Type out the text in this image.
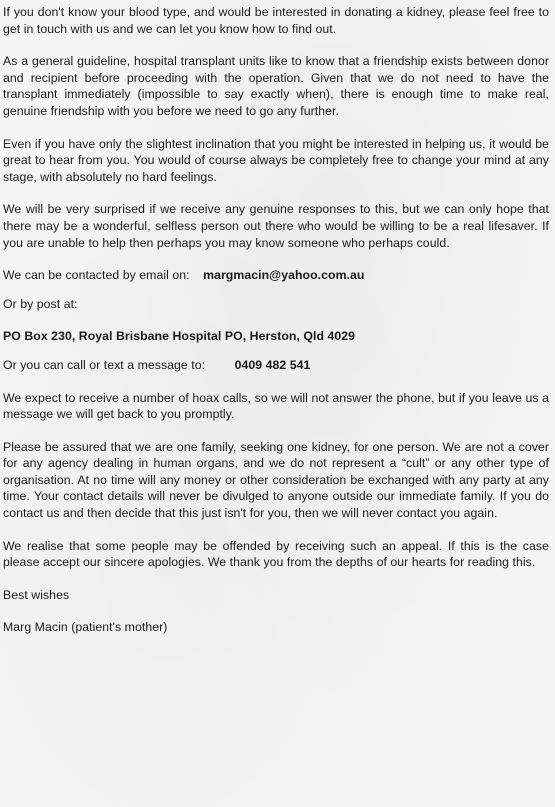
If you don't know your blood type, and would be interested in donating a kidney, please feel free to get in touch with us and we can let you know how to find out.

As a general guideline, hospital transplant units like to know that a friendship exists between donor and recipient before proceeding with the operation. Given that we do not need to have the transplant immediately (impossible to say exactly when), there is enough time to make real, genuine friendship with you before we need to go any further.

Even if you have only the slightest inclination that you might be interested in helping us, it would be great to hear from you. You would of course always be completely free to change your mind at any stage, with absolutely no hard feelings.

We will be very surprised if we receive any genuine responses to this, but we can only hope that there may be a wonderful, selfless person out there who would be willing to be a real lifesaver. If you are unable to help then perhaps you may know someone who perhaps could.

We can be contacted by email on: margmacin@yahoo.com.au

Or by post at:

PO Box 230, Royal Brisbane Hospital PO, Herston, Qld 4029

Or you can call or text a message to: 0409 482 541

We expect to receive a number of hoax calls, so we will not answer the phone, but if you leave us a message we will get back to you promptly.

Please be assured that we are one family, seeking one kidney, for one person. We are not a cover for any agency dealing in human organs, and we do not represent a “cult” or any other type of organisation. At no time will any money or other consideration be exchanged with any party at any time. Your contact details will never be divulged to anyone outside our immediate family. If you do contact us and then decide that this just isn't for you, then we will never contact you again.

We realise that some people may be offended by receiving such an appeal. If this is the case please accept our sincere apologies. We thank you from the depths of our hearts for reading this.

Best wishes

Marg Macin (patient's mother)
